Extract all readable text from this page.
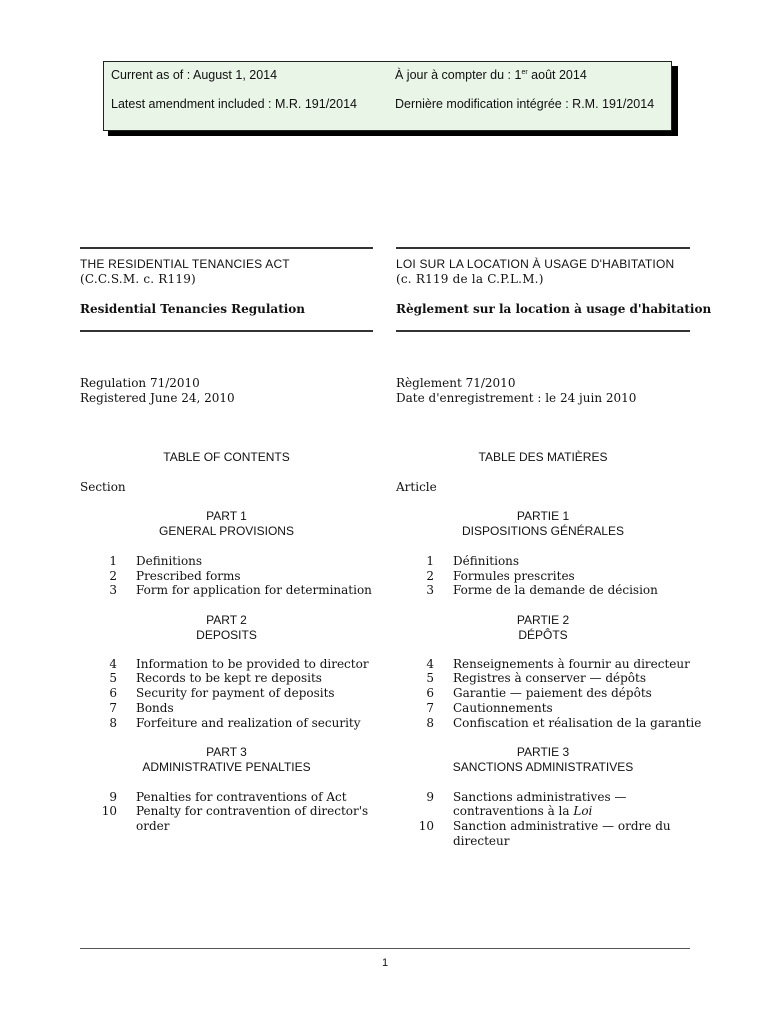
Current as of : August 1, 2014
Latest amendment included : M.R. 191/2014
À jour à compter du : 1er août 2014
Dernière modification intégrée : R.M. 191/2014
THE RESIDENTIAL TENANCIES ACT
(C.C.S.M. c. R119)
LOI SUR LA LOCATION À USAGE D'HABITATION
(c. R119 de la C.P.L.M.)
Residential Tenancies Regulation	Règlement sur la location à usage d'habitation
Regulation 71/2010
Registered June 24, 2010
Règlement 71/2010
Date d'enregistrement : le 24 juin 2010
TABLE OF CONTENTS	TABLE DES MATIÈRES
Section	Article
PART 1
GENERAL PROVISIONS
PARTIE 1
DISPOSITIONS GÉNÉRALES
1 Definitions
2 Prescribed forms
3 Form for application for determination
1 Définitions
2 Formules prescrites
3 Forme de la demande de décision
PART 2
DEPOSITS
PARTIE 2
DÉPÔTS
4 Information to be provided to director
5 Records to be kept re deposits
6 Security for payment of deposits
7 Bonds
8 Forfeiture and realization of security
4 Renseignements à fournir au directeur
5 Registres à conserver — dépôts
6 Garantie — paiement des dépôts
7 Cautionnements
8 Confiscation et réalisation de la garantie
PART 3
ADMINISTRATIVE PENALTIES
PARTIE 3
SANCTIONS ADMINISTRATIVES
9 Penalties for contraventions of Act
10 Penalty for contravention of director's
order
9 Sanctions administratives —
contraventions à la Loi
10 Sanction administrative — ordre du
directeur
1
